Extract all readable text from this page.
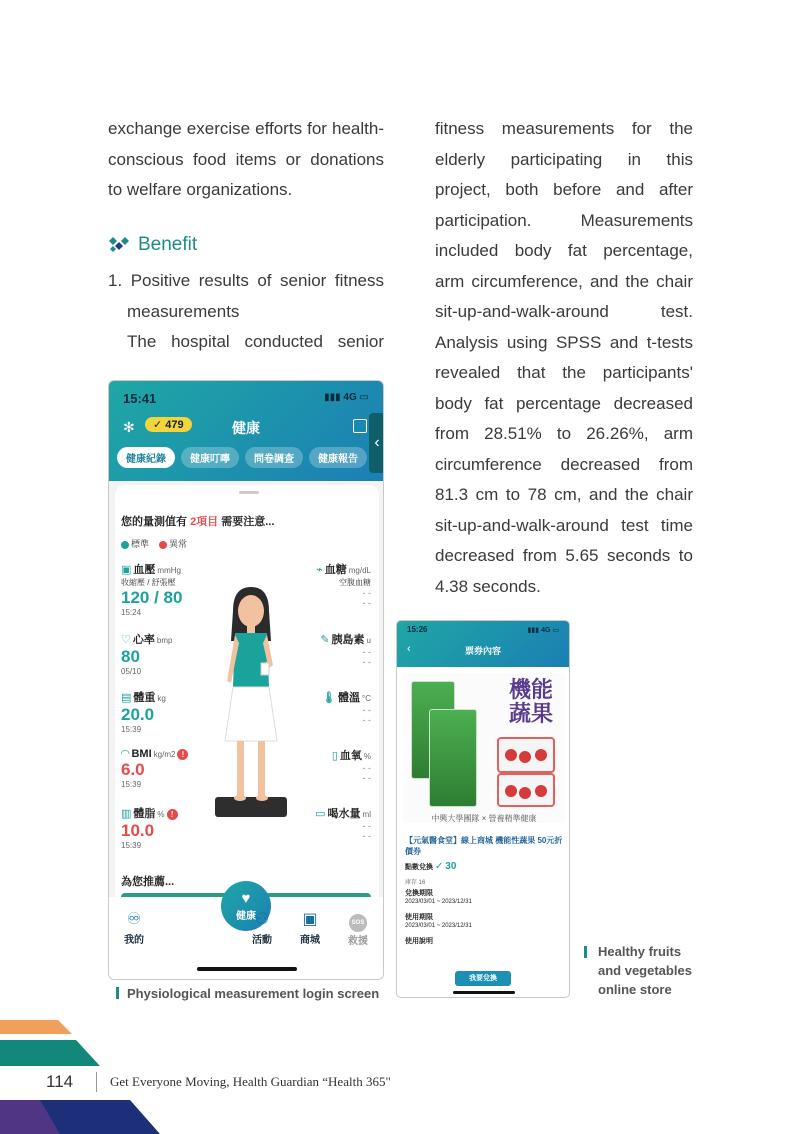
exchange exercise efforts for health-
conscious food items or donations
to welfare organizations.
Benefit
1. Positive results of senior fitness
measurements
The hospital conducted senior
fitness measurements for the
elderly participating in this
project, both before and after
participation. Measurements
included body fat percentage,
arm circumference, and the chair
sit-up-and-walk-around test.
Analysis using SPSS and t-tests
revealed that the participants'
body fat percentage decreased
from 28.51% to 26.26%, arm
circumference decreased from
81.3 cm to 78 cm, and the chair
sit-up-and-walk-around test time
decreased from 5.65 seconds to
4.38 seconds.
15:41	▮▮▮ 4G ▭
✻	✓ 479	健康
‹
健康紀錄	健康叮嚀	問卷調查	健康報告
您的量測值有 2項目 需要注意...
標準	異常
▣ 血壓 mmHg
收縮壓 / 舒張壓
120 / 80
15:24
♡ 心率 bmp
80
05/10
▤ 體重 kg
20.0
15:39
◠ BMI kg/m2 !
6.0
15:39
▥ 體脂 % !
10.0
15:39
⌁ 血糖 mg/dL
空腹血糖
- -
- -
✎ 胰島素 u
- -
- -
🌡 體溫 °C
- -
- -
▯ 血氧 %
- -
- -
▭ 喝水量 ml
- -
- -
為您推薦...
♾
我的
♥
健康
⚇
活動
▣
商城
SOS
救援
Physiological measurement login screen
15:26	▮▮▮ 4G ▭
‹	票券內容
機能
蔬果
中興大學團隊 × 營養精準健康
【元氣醫食堂】線上商城 機能性蔬果 50元折價券
點數兌換 ✓ 30
庫存 16
兌換期限
2023/03/01 ~ 2023/12/31
使用期限
2023/03/01 ~ 2023/12/31
使用說明
我要兌換
Healthy fruits
and vegetables
online store
114	Get Everyone Moving, Health Guardian “Health 365"
